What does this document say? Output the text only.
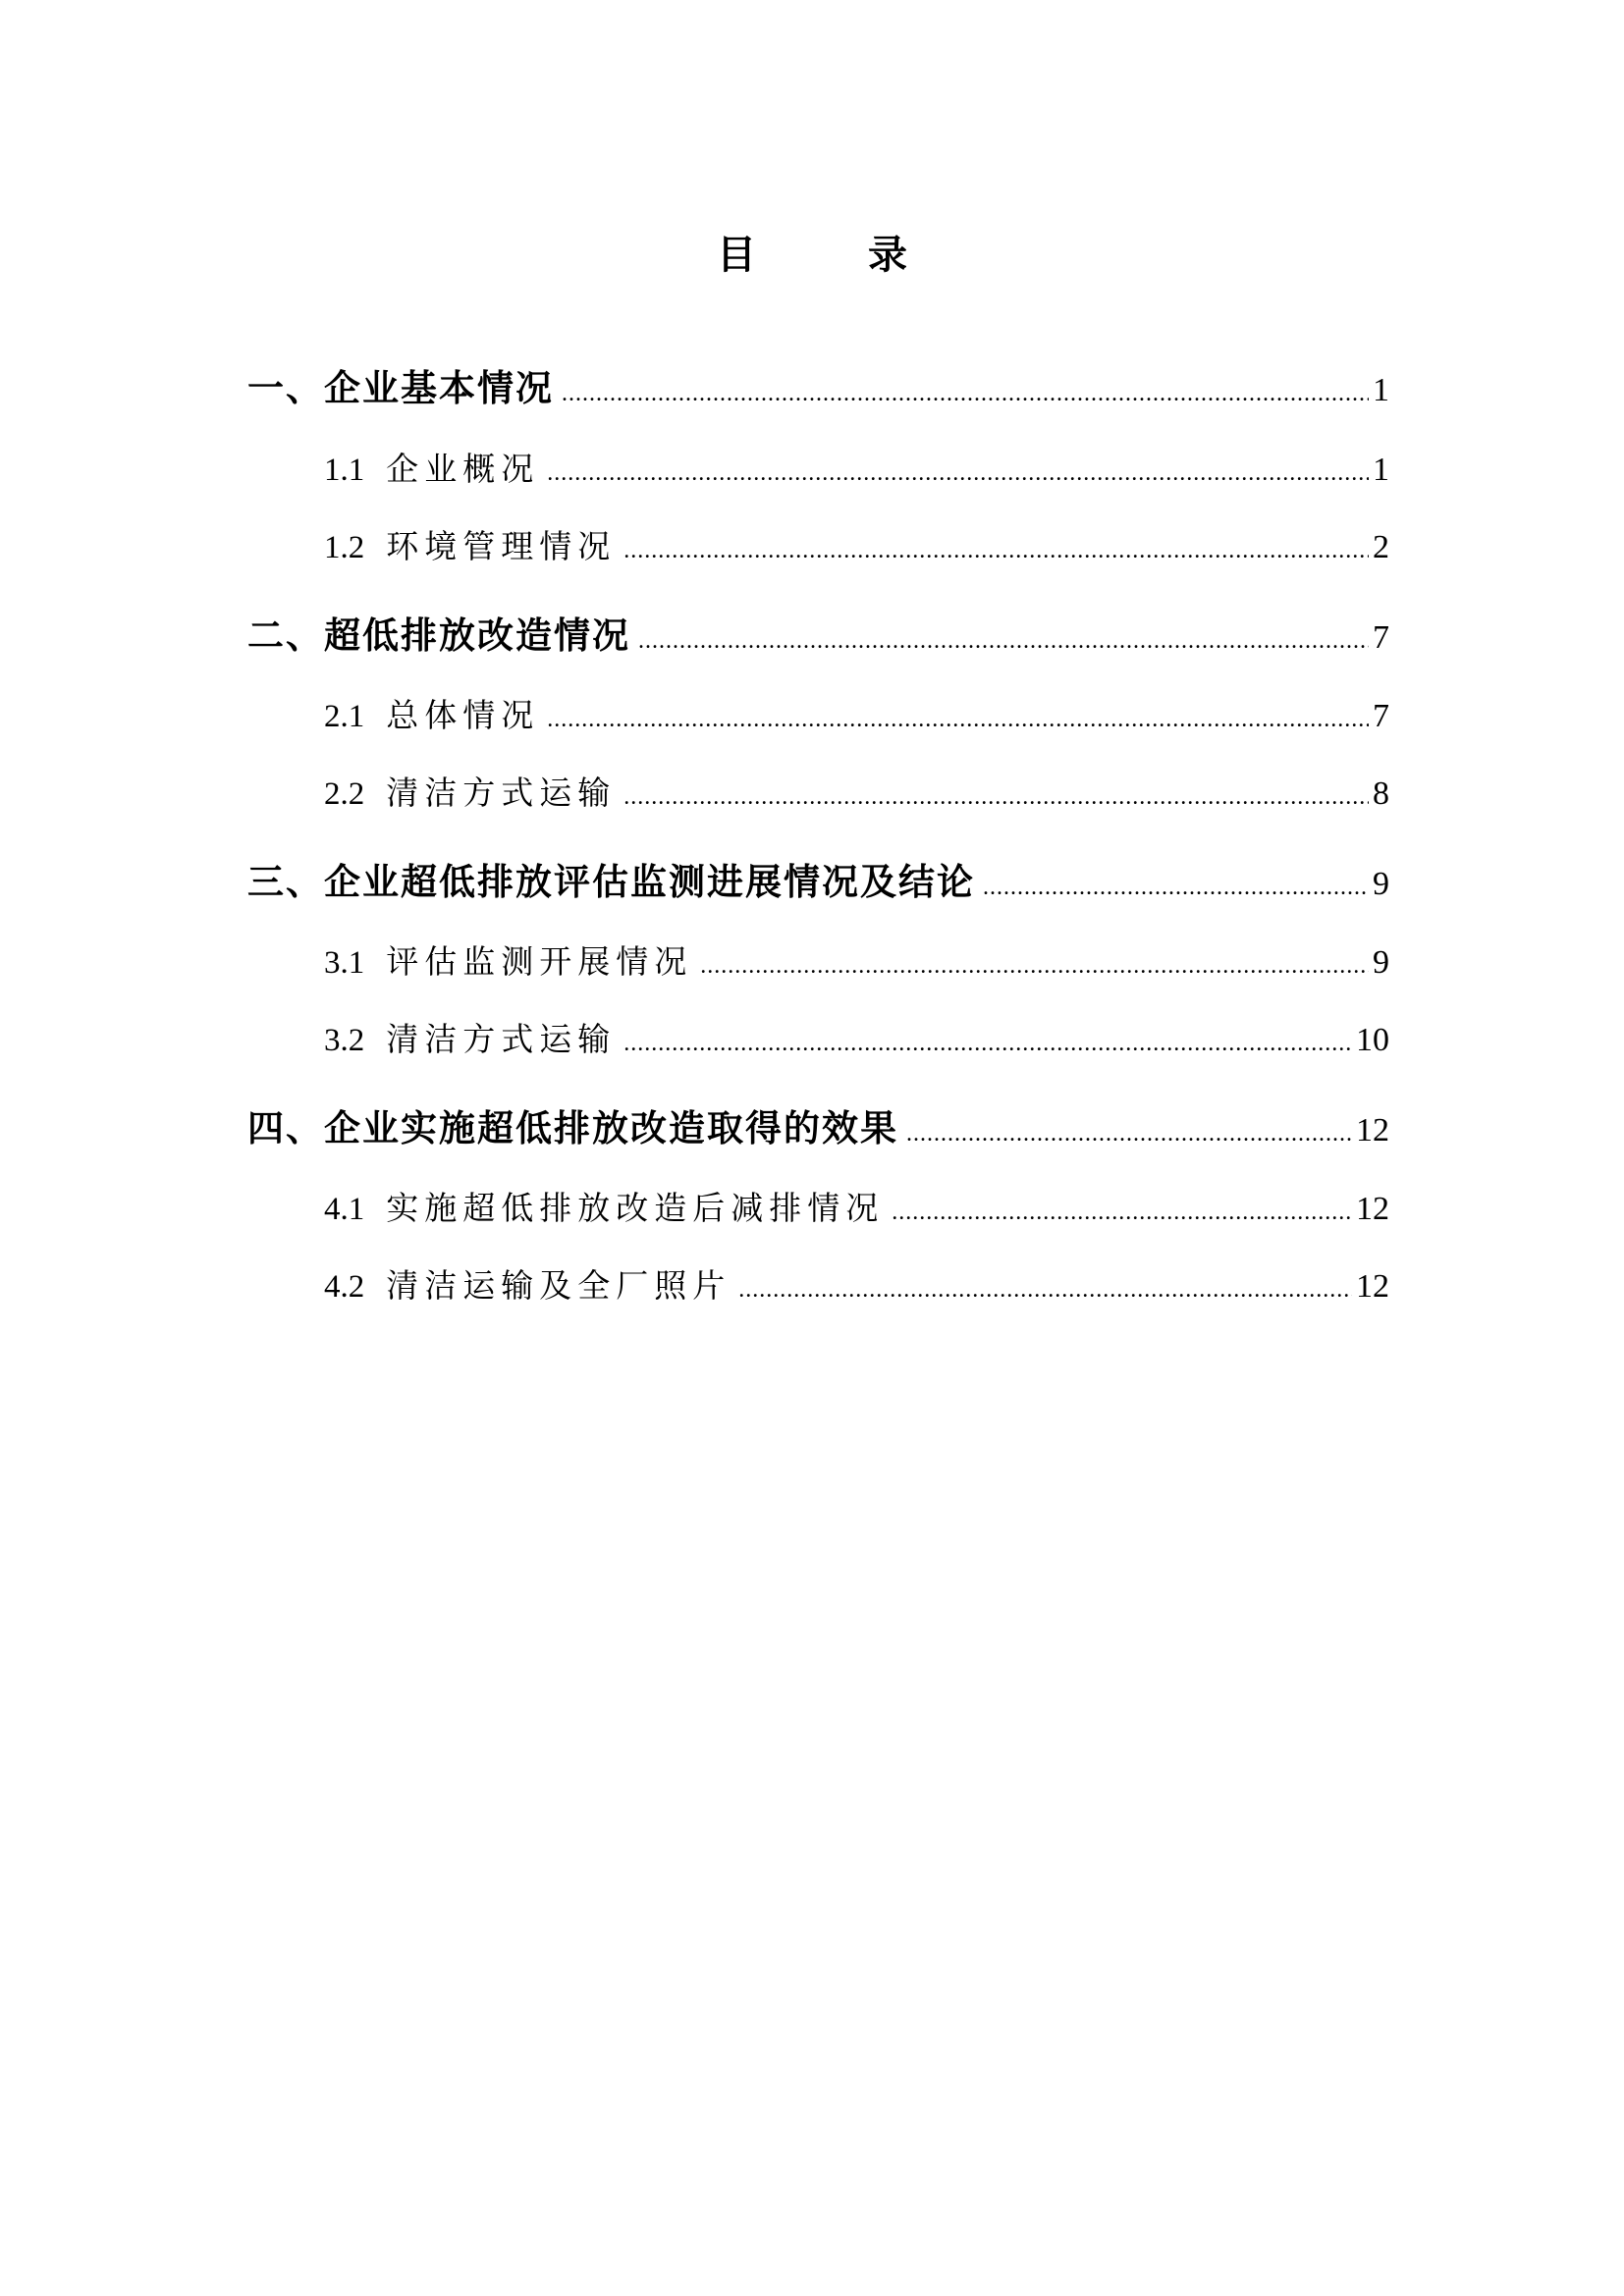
目 录
一、企业基本情况 .....	1
1.1 企业概况 .....	1
1.2 环境管理情况 .....	2
二、超低排放改造情况 .....	7
2.1 总体情况 .....	7
2.2 清洁方式运输 .....	8
三、企业超低排放评估监测进展情况及结论 .....	9
3.1 评估监测开展情况 .....	9
3.2 清洁方式运输 .....	10
四、企业实施超低排放改造取得的效果 .....	12
4.1 实施超低排放改造后减排情况 .....	12
4.2 清洁运输及全厂照片 .....	12
